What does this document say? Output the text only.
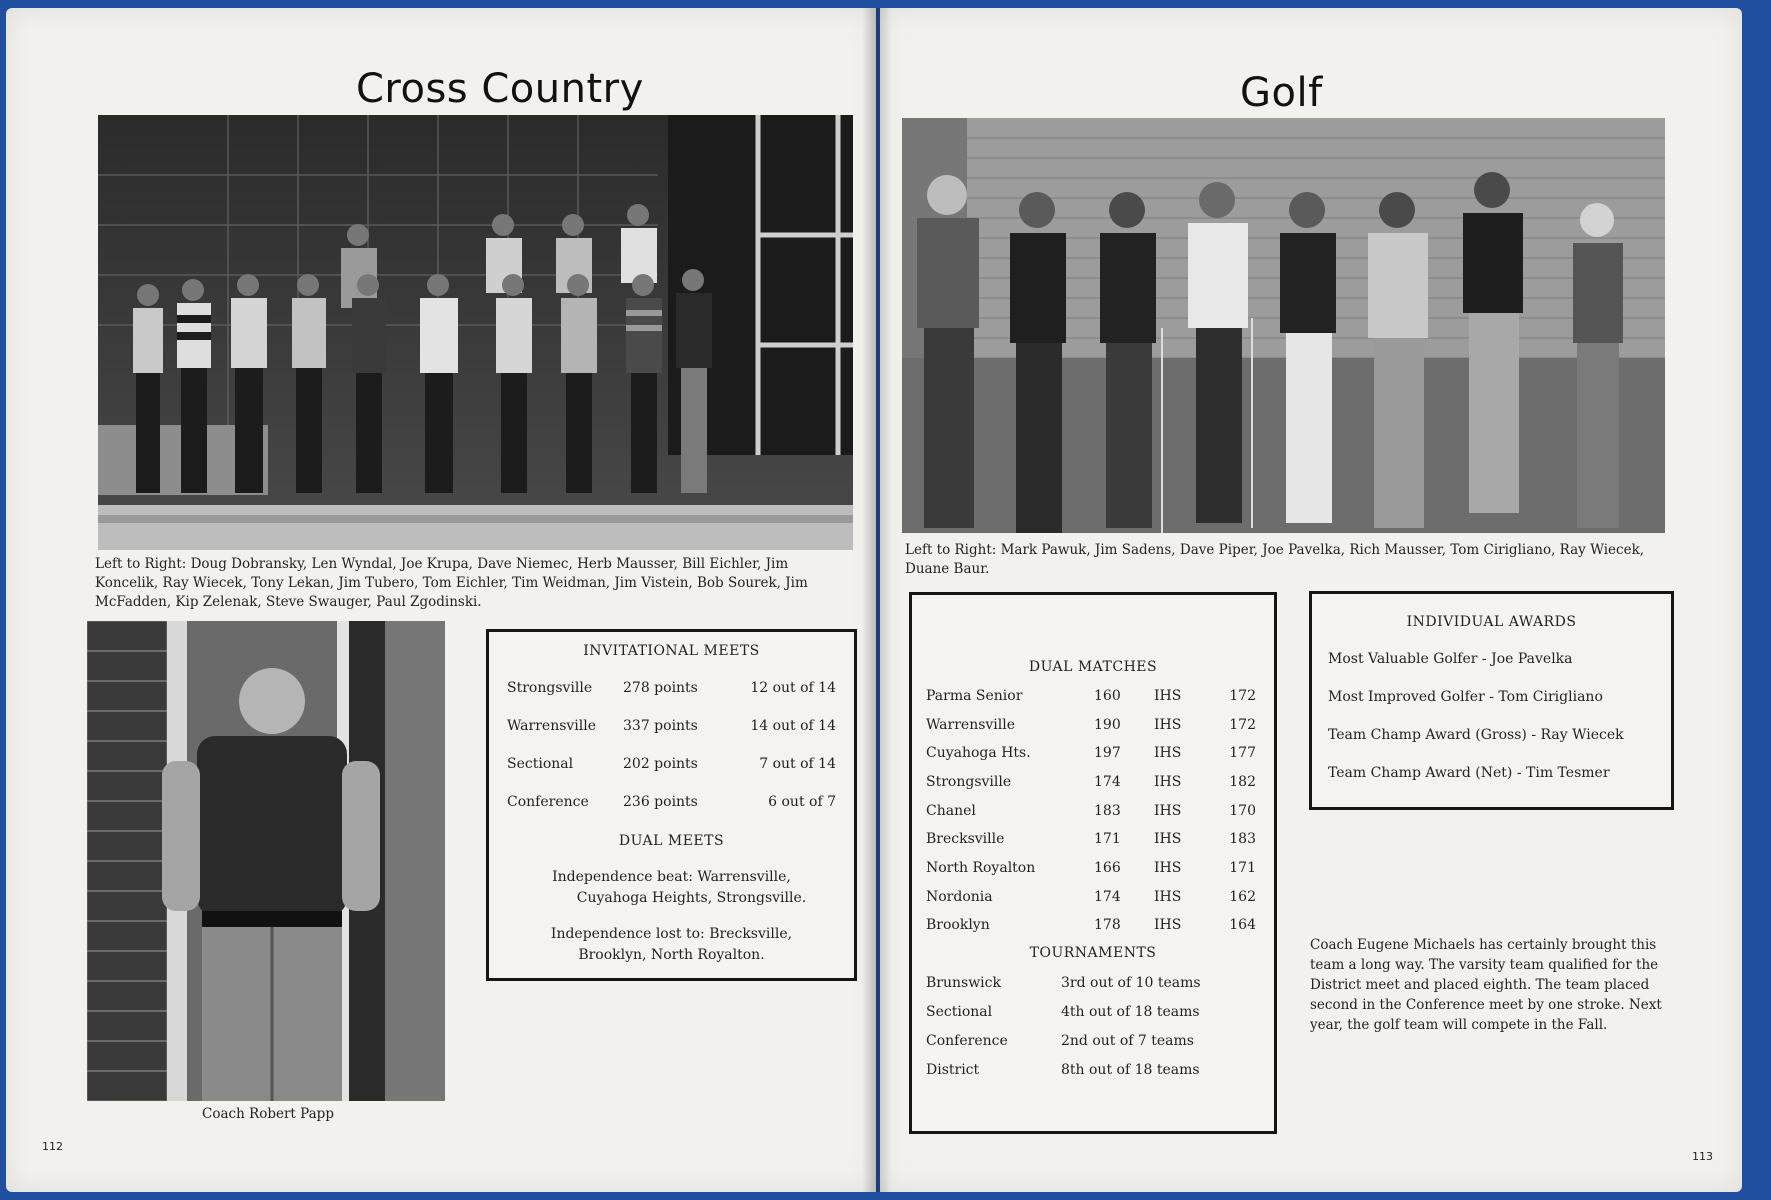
Cross Country
Left to Right: Doug Dobransky, Len Wyndal, Joe Krupa, Dave Niemec, Herb Mausser, Bill Eichler, Jim Koncelik, Ray Wiecek, Tony Lekan, Jim Tubero, Tom Eichler, Tim Weidman, Jim Vistein, Bob Sourek, Jim McFadden, Kip Zelenak, Steve Swauger, Paul Zgodinski.
Coach Robert Papp
INVITATIONAL MEETS
Strongsville 278 points	12 out of 14
Warrensville 337 points	14 out of 14
Sectional	202 points	7 out of 14
Conference 236 points	6 out of 7
DUAL MEETS
Independence beat: Warrensville,
Cuyahoga Heights, Strongsville.
Independence lost to: Brecksville,
Brooklyn, North Royalton.
112
Golf
Left to Right: Mark Pawuk, Jim Sadens, Dave Piper, Joe Pavelka, Rich Mausser, Tom Cirigliano, Ray Wiecek, Duane Baur.
DUAL MATCHES
Parma Senior	160 IHS	172
Warrensville	190 IHS	172
Cuyahoga Hts.	197 IHS	177
Strongsville	174 IHS	182
Chanel	183 IHS	170
Brecksville	171 IHS	183
North Royalton	166 IHS	171
Nordonia	174 IHS	162
Brooklyn	178 IHS	164
TOURNAMENTS
Brunswick	3rd out of 10 teams
Sectional	4th out of 18 teams
Conference	2nd out of 7 teams
District	8th out of 18 teams
INDIVIDUAL AWARDS
Most Valuable Golfer - Joe Pavelka
Most Improved Golfer - Tom Cirigliano
Team Champ Award (Gross) - Ray Wiecek
Team Champ Award (Net) - Tim Tesmer
Coach Eugene Michaels has certainly brought this team a long way. The varsity team qualified for the District meet and placed eighth. The team placed second in the Conference meet by one stroke. Next year, the golf team will compete in the Fall.
113
